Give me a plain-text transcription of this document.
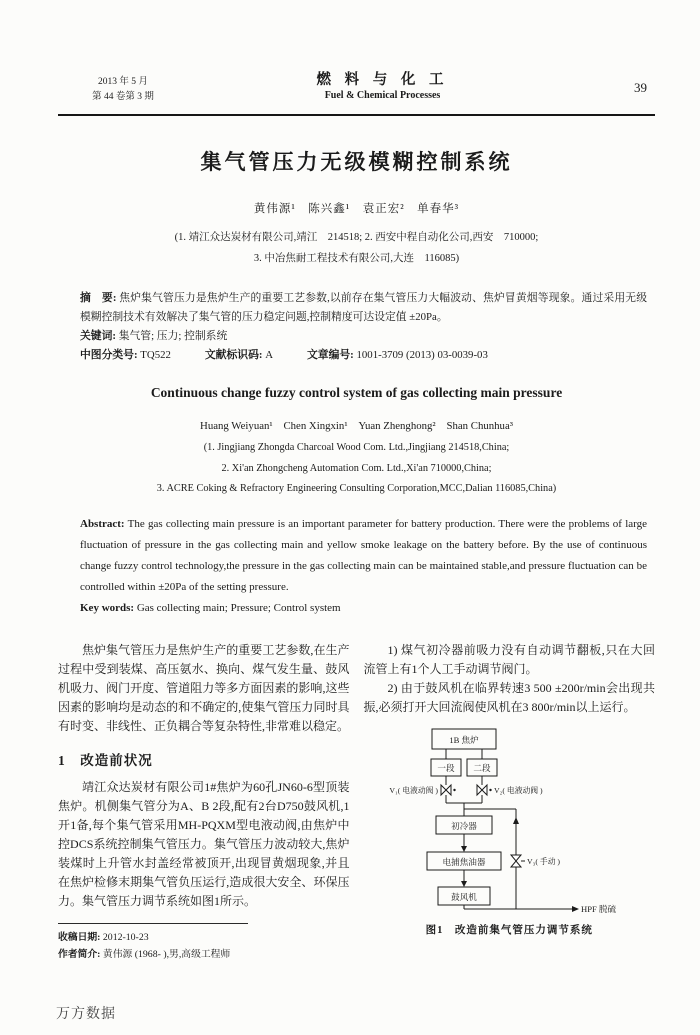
2013 年 5 月
第 44 卷第 3 期
燃 料 与 化 工
Fuel & Chemical Processes
39
集气管压力无级模糊控制系统
黄伟源¹　陈兴鑫¹　袁正宏²　单春华³
(1. 靖江众达炭材有限公司,靖江　214518; 2. 西安中程自动化公司,西安　710000;
3. 中冶焦耐工程技术有限公司,大连　116085)

摘　要: 焦炉集气管压力是焦炉生产的重要工艺参数,以前存在集气管压力大幅波动、焦炉冒黄烟等现象。通过采用无级模糊控制技术有效解决了集气管的压力稳定问题,控制精度可达设定值 ±20Pa。

关键词: 集气管; 压力; 控制系统

中图分类号: TQ522	文献标识码: A	文章编号: 1001-3709 (2013) 03-0039-03

Continuous change fuzzy control system of gas collecting main pressure
Huang Weiyuan¹　Chen Xingxin¹　Yuan Zhenghong²　Shan Chunhua³
(1. Jingjiang Zhongda Charcoal Wood Com. Ltd.,Jingjiang 214518,China;
2. Xi'an Zhongcheng Automation Com. Ltd.,Xi'an 710000,China;
3. ACRE Coking & Refractory Engineering Consulting Corporation,MCC,Dalian 116085,China)

Abstract: The gas collecting main pressure is an important parameter for battery production. There were the problems of large fluctuation of pressure in the gas collecting main and yellow smoke leakage on the battery before. By the use of continuous change fuzzy control technology,the pressure in the gas collecting main can be maintained stable,and pressure fluctuation can be controlled within ±20Pa of the setting pressure.

Key words: Gas collecting main; Pressure; Control system

焦炉集气管压力是焦炉生产的重要工艺参数,在生产过程中受到装煤、高压氨水、换向、煤气发生量、鼓风机吸力、阀门开度、管道阻力等多方面因素的影响,这些因素的影响均是动态的和不确定的,使集气管压力同时具有时变、非线性、正负耦合等复杂特性,非常难以稳定。

1　改造前状况

靖江众达炭材有限公司1#焦炉为60孔JN60-6型顶装焦炉。机侧集气管分为A、B 2段,配有2台D750鼓风机,1开1备,每个集气管采用MH-PQXM型电液动阀,由焦炉中控DCS系统控制集气管压力。集气管压力波动较大,焦炉装煤时上升管水封盖经常被顶开,出现冒黄烟现象,并且在焦炉检修末期集气管负压运行,造成很大安全、环保压力。集气管压力调节系统如图1所示。

收稿日期: 2012-10-23
作者简介: 黄伟源 (1968- ),男,高级工程师

1) 煤气初冷器前吸力没有自动调节翻板,只在大回流管上有1个人工手动调节阀门。

2) 由于鼓风机在临界转速3 500 ±200r/min会出现共振,必须打开大回流阀使风机在3 800r/min以上运行。

1B 焦炉
一段 二段
V₁( 电液动阀 )	V₂( 电液动阀 )
初冷器
电捕焦油器
鼓风机
V₃( 手动 )
HPF 脱硫
图1　改造前集气管压力调节系统
万方数据
